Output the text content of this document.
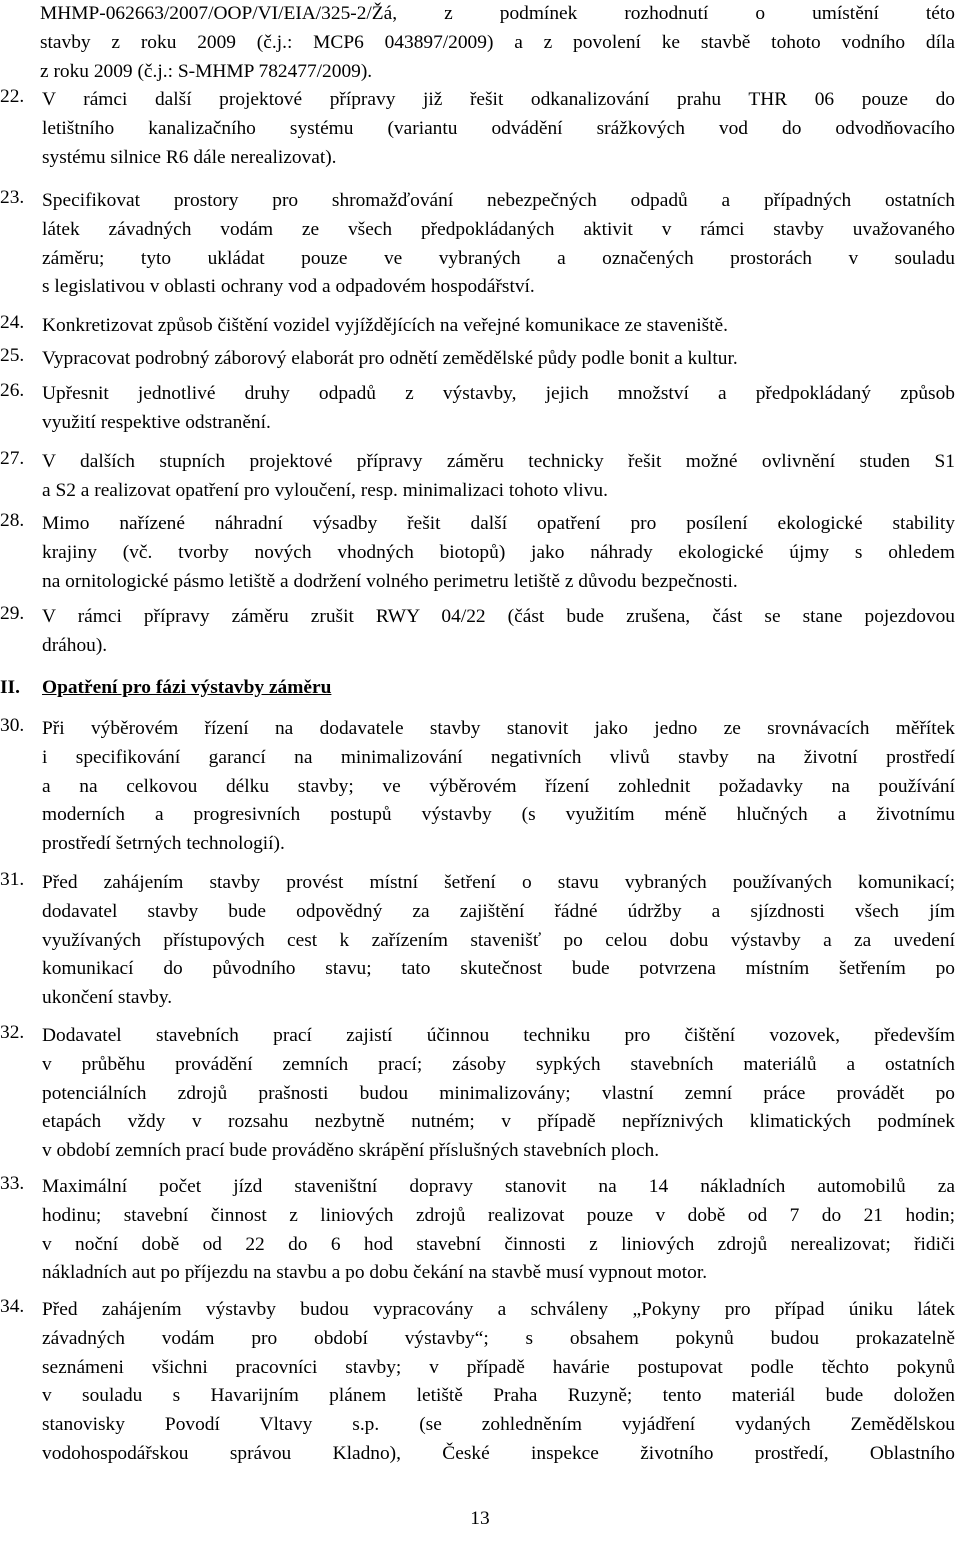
MHMP-062663/2007/OOP/VI/EIA/325-2/Žá, z podmínek rozhodnutí o umístění této
stavby z roku 2009 (č.j.: MCP6 043897/2009) a z povolení ke stavbě tohoto vodního díla
z roku 2009 (č.j.: S-MHMP 782477/2009).
22. V rámci další projektové přípravy již řešit odkanalizování prahu THR 06 pouze do
letištního kanalizačního systému (variantu odvádění srážkových vod do odvodňovacího
systému silnice R6 dále nerealizovat).
23. Specifikovat prostory pro shromažďování nebezpečných odpadů a případných ostatních
látek závadných vodám ze všech předpokládaných aktivit v rámci stavby uvažovaného
záměru; tyto ukládat pouze ve vybraných a označených prostorách v souladu
s legislativou v oblasti ochrany vod a odpadovém hospodářství.
24. Konkretizovat způsob čištění vozidel vyjíždějících na veřejné komunikace ze staveniště.
25. Vypracovat podrobný záborový elaborát pro odnětí zemědělské půdy podle bonit a kultur.
26. Upřesnit jednotlivé druhy odpadů z výstavby, jejich množství a předpokládaný způsob
využití respektive odstranění.
27. V dalších stupních projektové přípravy záměru technicky řešit možné ovlivnění studen S1
a S2 a realizovat opatření pro vyloučení, resp. minimalizaci tohoto vlivu.
28. Mimo nařízené náhradní výsadby řešit další opatření pro posílení ekologické stability
krajiny (vč. tvorby nových vhodných biotopů) jako náhrady ekologické újmy s ohledem
na ornitologické pásmo letiště a dodržení volného perimetru letiště z důvodu bezpečnosti.
29. V rámci přípravy záměru zrušit RWY 04/22 (část bude zrušena, část se stane pojezdovou
dráhou).
II. Opatření pro fázi výstavby záměru
30. Při výběrovém řízení na dodavatele stavby stanovit jako jedno ze srovnávacích měřítek
i specifikování garancí na minimalizování negativních vlivů stavby na životní prostředí
a na celkovou délku stavby; ve výběrovém řízení zohlednit požadavky na používání
moderních a progresivních postupů výstavby (s využitím méně hlučných a životnímu
prostředí šetrných technologií).
31. Před zahájením stavby provést místní šetření o stavu vybraných používaných komunikací;
dodavatel stavby bude odpovědný za zajištění řádné údržby a sjízdnosti všech jím
využívaných přístupových cest k zařízením stavenišť po celou dobu výstavby a za uvedení
komunikací do původního stavu; tato skutečnost bude potvrzena místním šetřením po
ukončení stavby.
32. Dodavatel stavebních prací zajistí účinnou techniku pro čištění vozovek, především
v průběhu provádění zemních prací; zásoby sypkých stavebních materiálů a ostatních
potenciálních zdrojů prašnosti budou minimalizovány; vlastní zemní práce provádět po
etapách vždy v rozsahu nezbytně nutném; v případě nepříznivých klimatických podmínek
v období zemních prací bude prováděno skrápění příslušných stavebních ploch.
33. Maximální počet jízd staveništní dopravy stanovit na 14 nákladních automobilů za
hodinu; stavební činnost z liniových zdrojů realizovat pouze v době od 7 do 21 hodin;
v noční době od 22 do 6 hod stavební činnosti z liniových zdrojů nerealizovat; řidiči
nákladních aut po příjezdu na stavbu a po dobu čekání na stavbě musí vypnout motor.
34. Před zahájením výstavby budou vypracovány a schváleny „Pokyny pro případ úniku látek
závadných vodám pro období výstavby“; s obsahem pokynů budou prokazatelně
seznámeni všichni pracovníci stavby; v případě havárie postupovat podle těchto pokynů
v souladu s Havarijním plánem letiště Praha Ruzyně; tento materiál bude doložen
stanovisky Povodí Vltavy s.p. (se zohledněním vyjádření vydaných Zemědělskou
vodohospodářskou správou Kladno), České inspekce životního prostředí, Oblastního
13
